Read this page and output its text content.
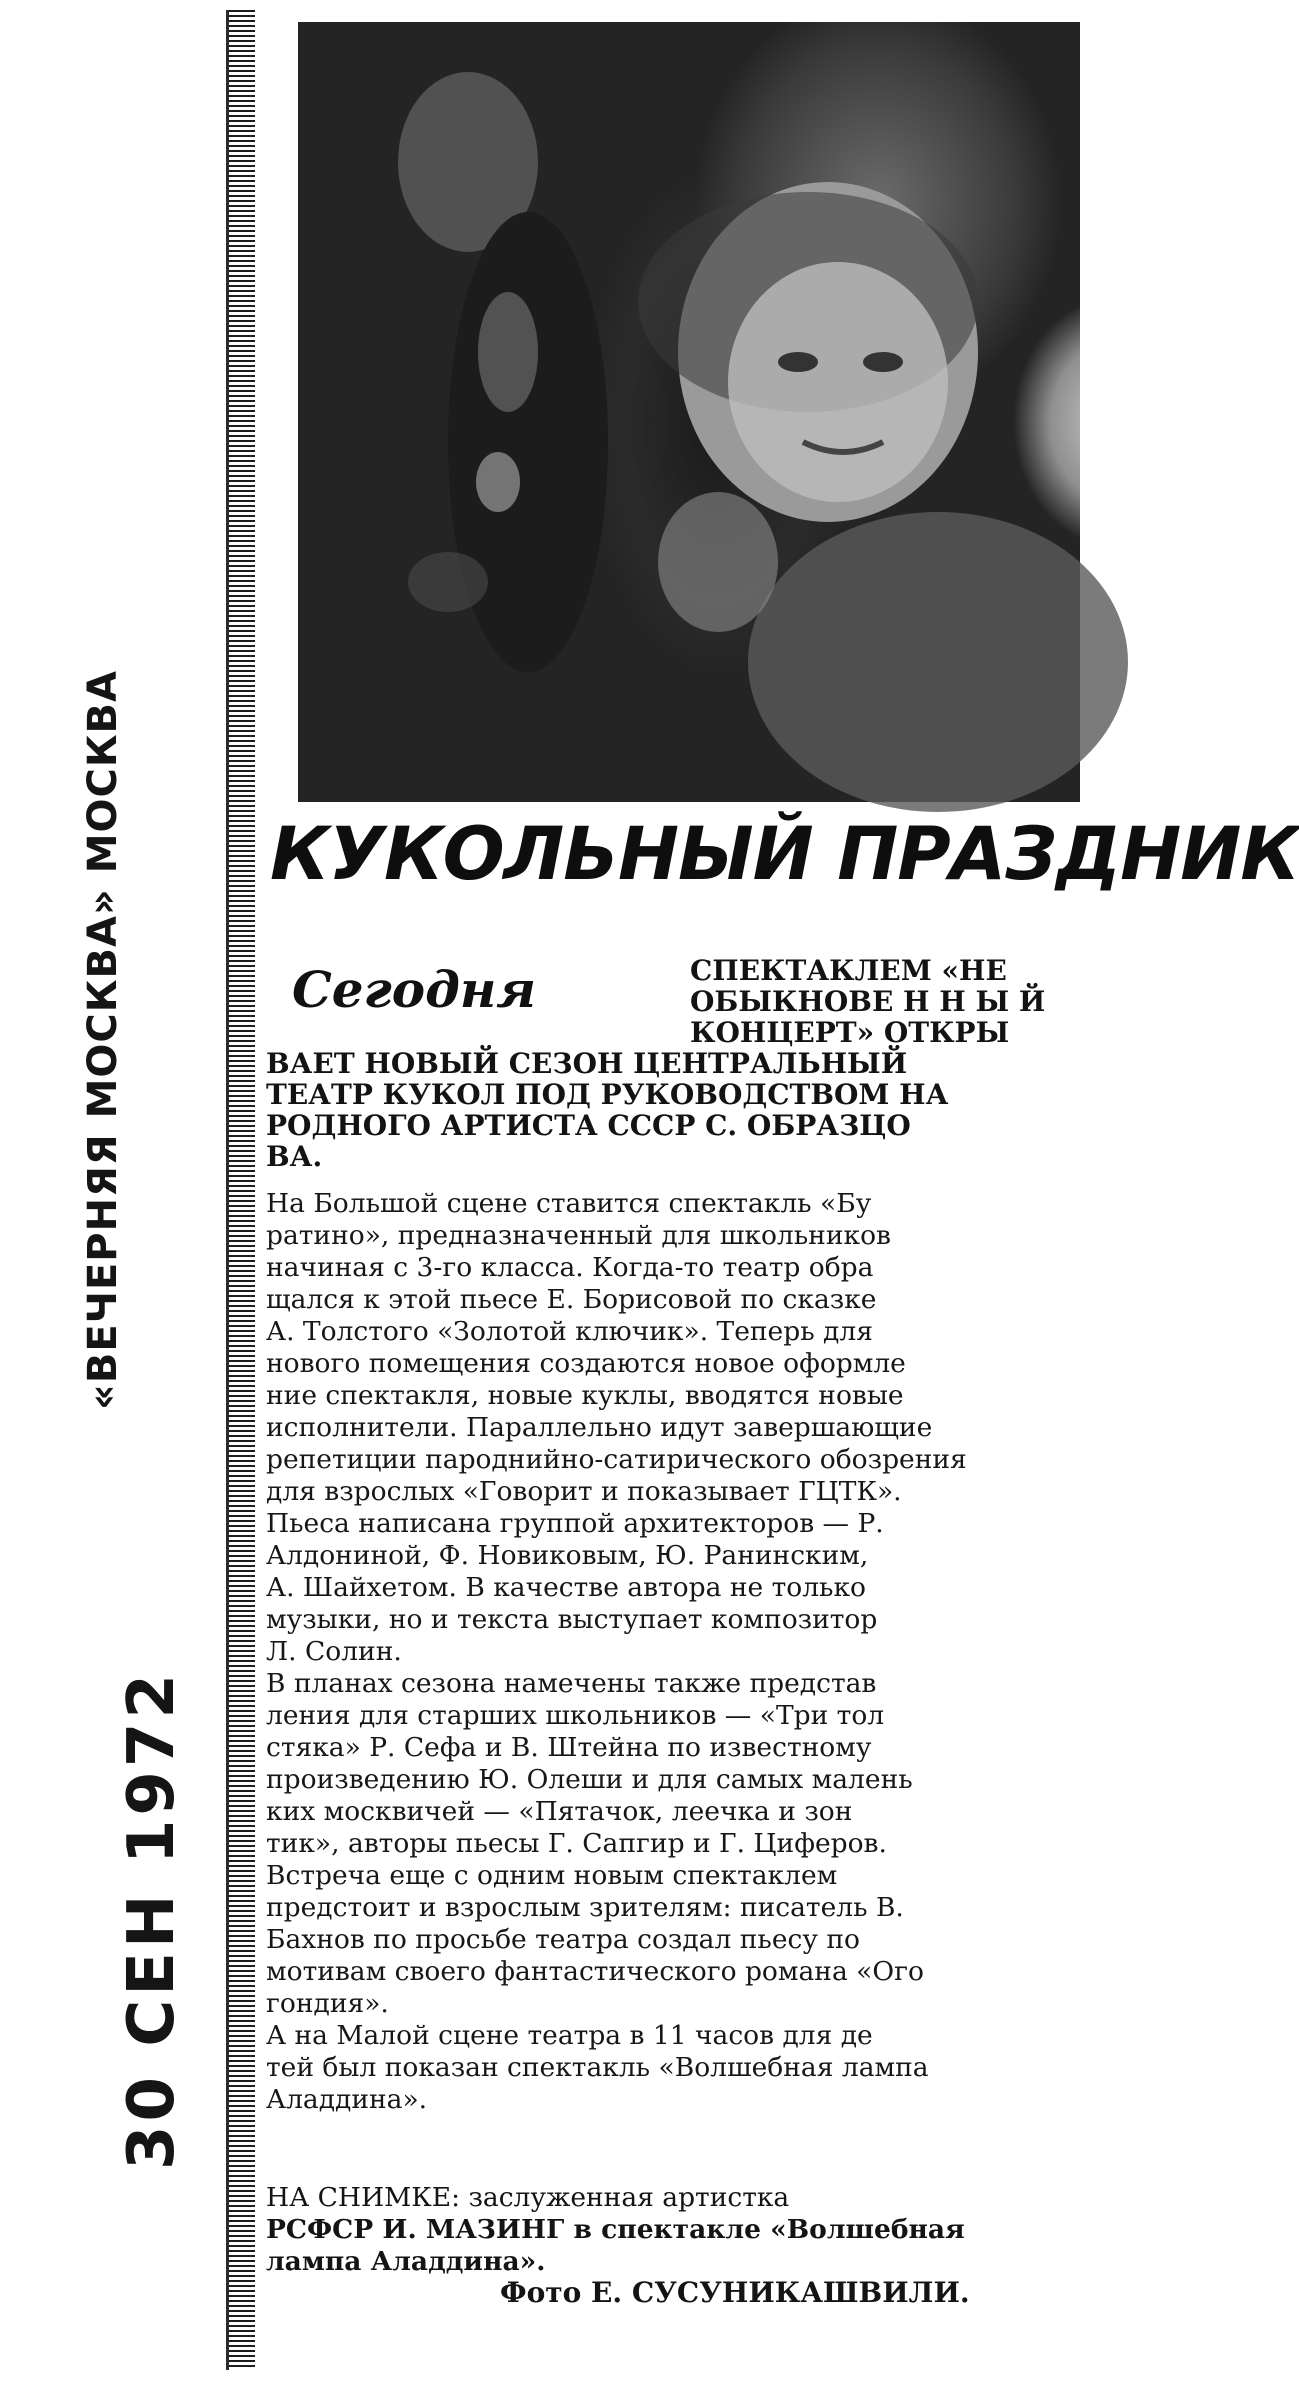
«ВЕЧЕРНЯЯ МОСКВА» МОСКВА
30 СЕН 1972
КУКОЛЬНЫЙ ПРАЗДНИК
Сегодня	СПЕКТАКЛЕМ «НЕ
ОБЫКНОВЕ Н Н Ы Й
КОНЦЕРТ» ОТКРЫ
ВАЕТ НОВЫЙ СЕЗОН ЦЕНТРАЛЬНЫЙ
ТЕАТР КУКОЛ ПОД РУКОВОДСТВОМ НА
РОДНОГО АРТИСТА СССР С. ОБРАЗЦО
ВА.
На Большой сцене ставится спектакль «Бу
ратино», предназначенный для школьников
начиная с 3-го класса. Когда-то театр обра
щался к этой пьесе Е. Борисовой по сказке
А. Толстого «Золотой ключик». Теперь для
нового помещения создаются новое оформле
ние спектакля, новые куклы, вводятся новые
исполнители. Параллельно идут завершающие
репетиции пароднийно-сатирического обозрения
для взрослых «Говорит и показывает ГЦТК».
Пьеса написана группой архитекторов — Р.
Алдониной, Ф. Новиковым, Ю. Ранинским,
А. Шайхетом. В качестве автора не только
музыки, но и текста выступает композитор
Л. Солин.
В планах сезона намечены также представ
ления для старших школьников — «Три тол
стяка» Р. Сефа и В. Штейна по известному
произведению Ю. Олеши и для самых малень
ких москвичей — «Пятачок, леечка и зон
тик», авторы пьесы Г. Сапгир и Г. Циферов.
Встреча еще с одним новым спектаклем
предстоит и взрослым зрителям: писатель В.
Бахнов по просьбе театра создал пьесу по
мотивам своего фантастического романа «Ого
гондия».
А на Малой сцене театра в 11 часов для де
тей был показан спектакль «Волшебная лампа
Аладдина».
НА СНИМКЕ: заслуженная артистка
РСФСР И. МАЗИНГ в спектакле «Волшебная
лампа Аладдина».
Фото Е. СУСУНИКАШВИЛИ.
